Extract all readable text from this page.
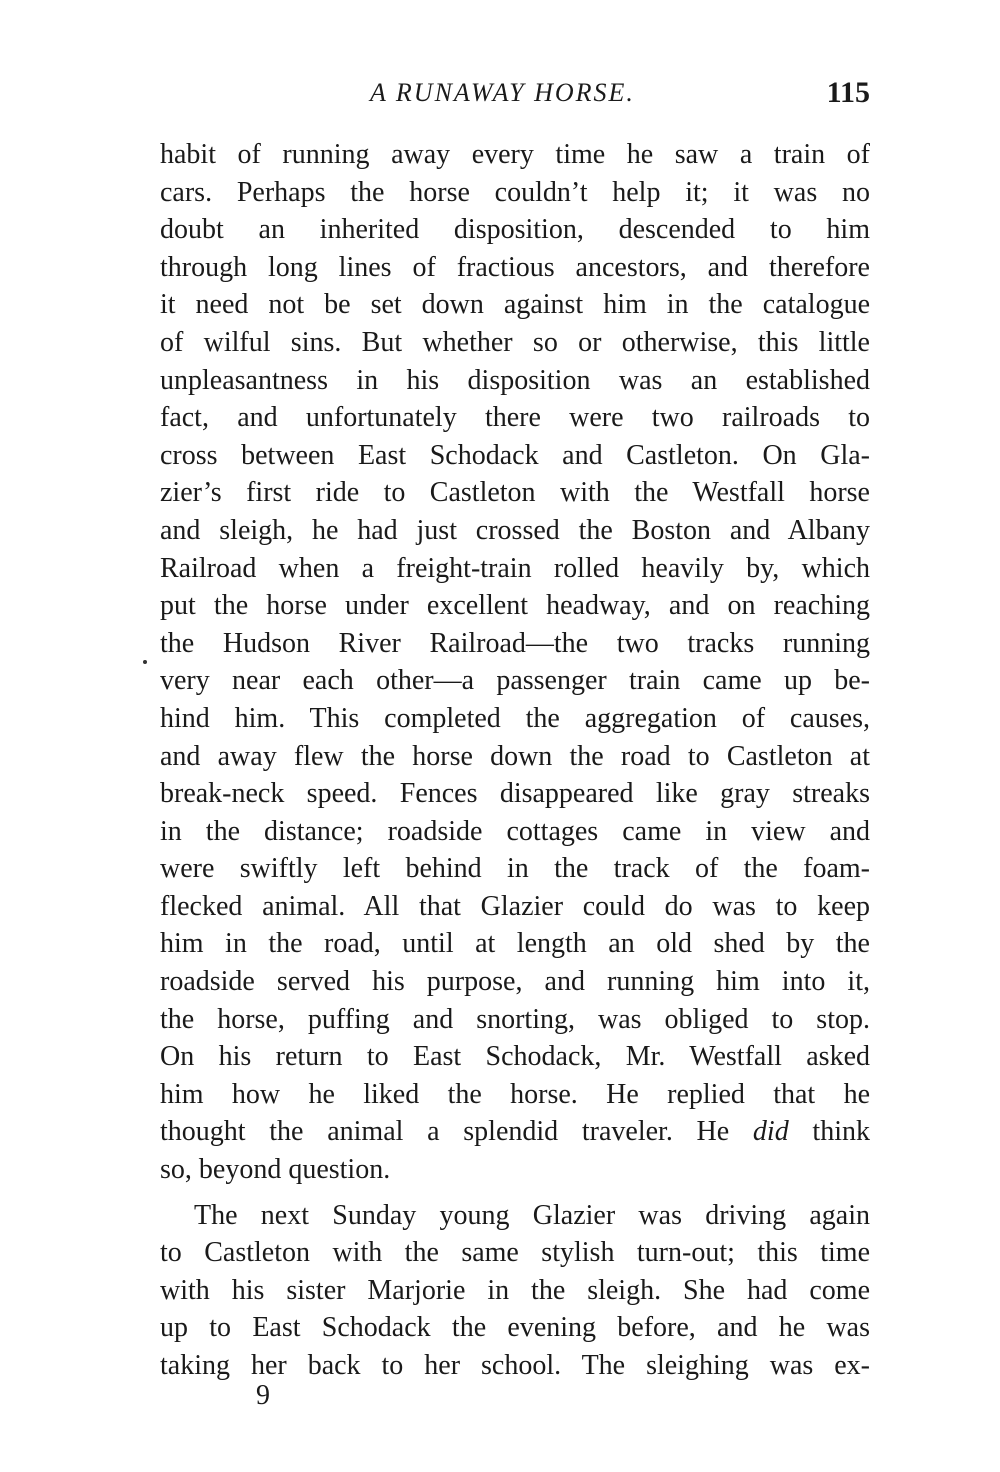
A RUNAWAY HORSE.	115
habit of running away every time he saw a train of
cars. Perhaps the horse couldn’t help it; it was no
doubt an inherited disposition, descended to him
through long lines of fractious ancestors, and therefore
it need not be set down against him in the catalogue
of wilful sins. But whether so or otherwise, this little
unpleasantness in his disposition was an established
fact, and unfortunately there were two railroads to
cross between East Schodack and Castleton. On Gla-
zier’s first ride to Castleton with the Westfall horse
and sleigh, he had just crossed the Boston and Albany
Railroad when a freight-train rolled heavily by, which
put the horse under excellent headway, and on reaching
the Hudson River Railroad—the two tracks running
very near each other—a passenger train came up be-
hind him. This completed the aggregation of causes,
and away flew the horse down the road to Castleton at
break-neck speed. Fences disappeared like gray streaks
in the distance; roadside cottages came in view and
were swiftly left behind in the track of the foam-
flecked animal. All that Glazier could do was to keep
him in the road, until at length an old shed by the
roadside served his purpose, and running him into it,
the horse, puffing and snorting, was obliged to stop.
On his return to East Schodack, Mr. Westfall asked
him how he liked the horse. He replied that he
thought the animal a splendid traveler. He did think
so, beyond question.
The next Sunday young Glazier was driving again
to Castleton with the same stylish turn-out; this time
with his sister Marjorie in the sleigh. She had come
up to East Schodack the evening before, and he was
taking her back to her school. The sleighing was ex-
9
